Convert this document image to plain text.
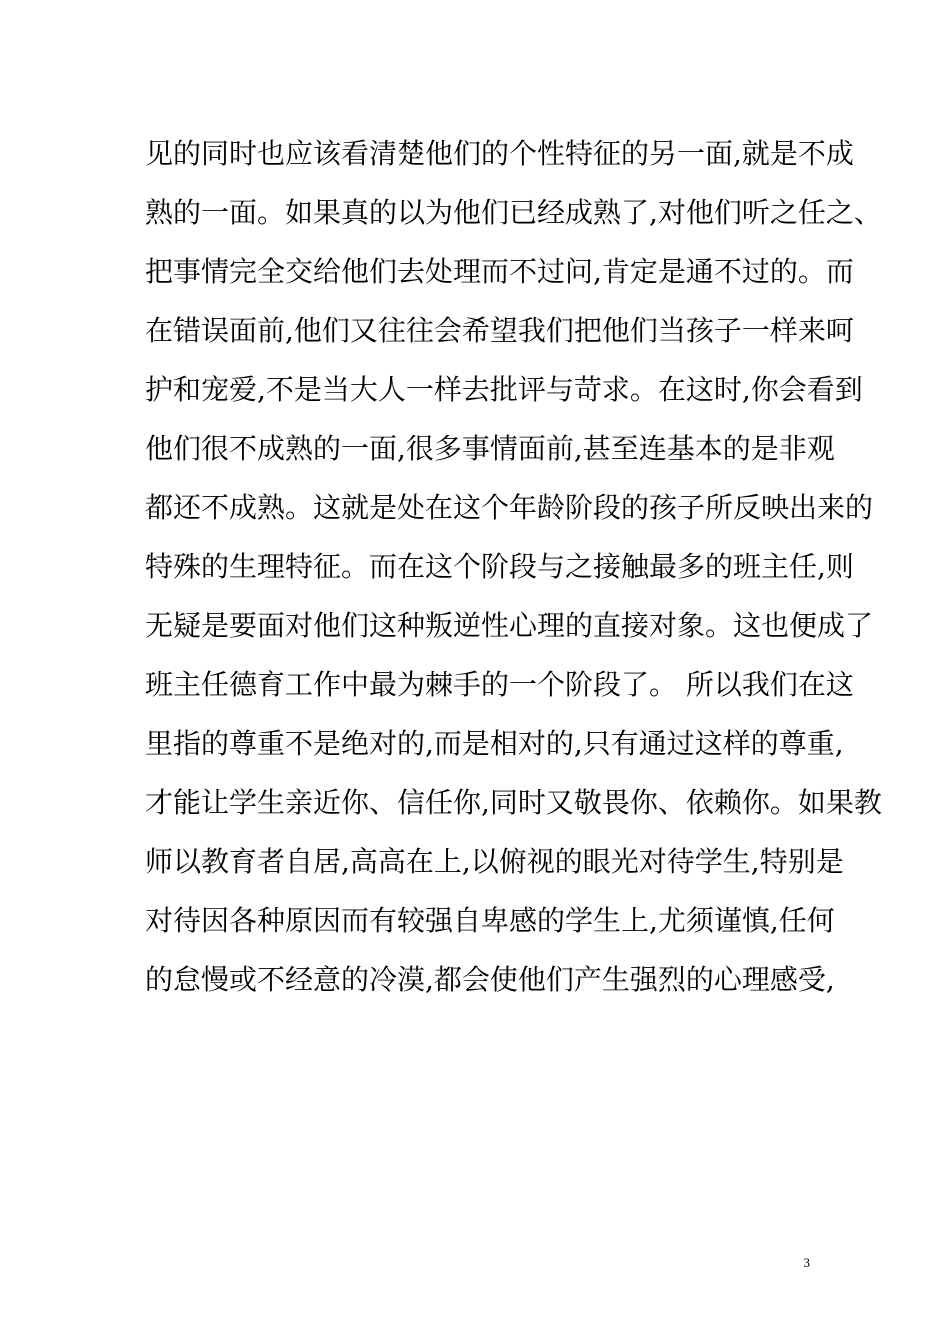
见的同时也应该看清楚他们的个性特征的另一面,就是不成
熟的一面。如果真的以为他们已经成熟了,对他们听之任之、
把事情完全交给他们去处理而不过问,肯定是通不过的。而
在错误面前,他们又往往会希望我们把他们当孩子一样来呵
护和宠爱,不是当大人一样去批评与苛求。在这时,你会看到
他们很不成熟的一面,很多事情面前,甚至连基本的是非观
都还不成熟。这就是处在这个年龄阶段的孩子所反映出来的
特殊的生理特征。而在这个阶段与之接触最多的班主任,则
无疑是要面对他们这种叛逆性心理的直接对象。这也便成了
班主任德育工作中最为棘手的一个阶段了。 所以我们在这
里指的尊重不是绝对的,而是相对的,只有通过这样的尊重,
才能让学生亲近你、信任你,同时又敬畏你、依赖你。如果教
师以教育者自居,高高在上,以俯视的眼光对待学生,特别是
对待因各种原因而有较强自卑感的学生上,尤须谨慎,任何
的怠慢或不经意的冷漠,都会使他们产生强烈的心理感受,
3
